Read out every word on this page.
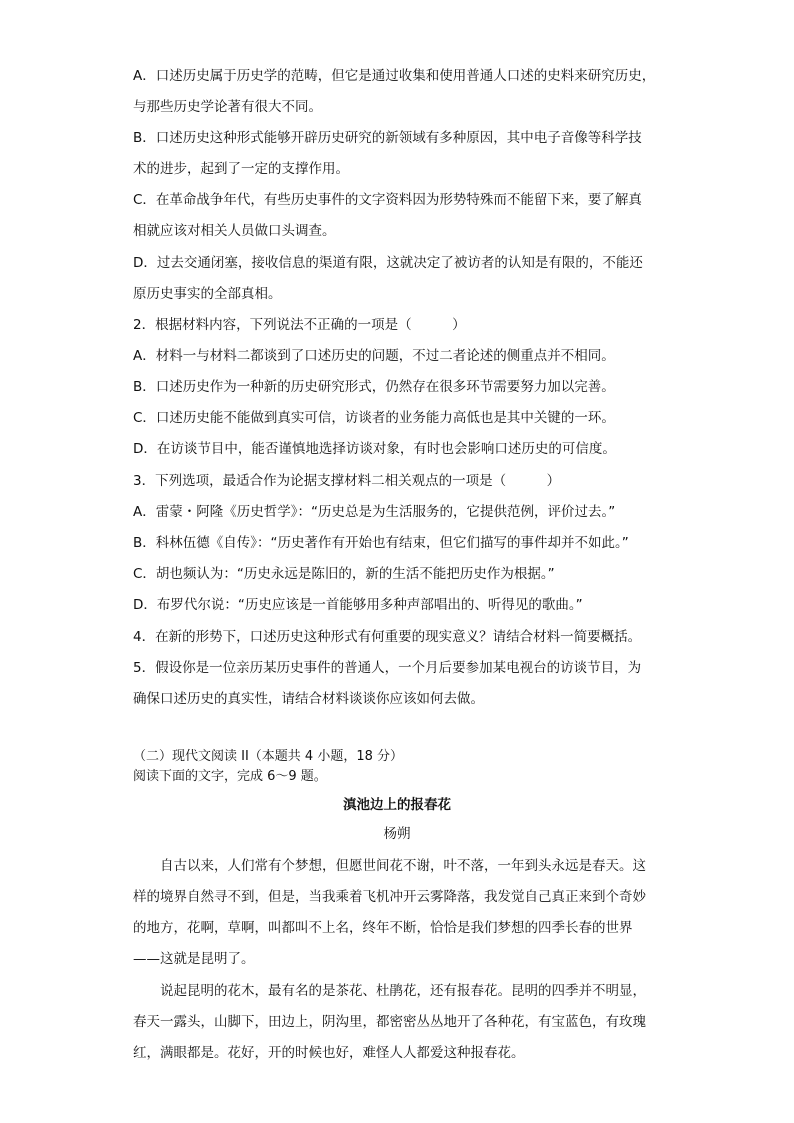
A．口述历史属于历史学的范畴，但它是通过收集和使用普通人口述的史料来研究历史，
与那些历史学论著有很大不同。
B．口述历史这种形式能够开辟历史研究的新领域有多种原因，其中电子音像等科学技
术的进步，起到了一定的支撑作用。
C．在革命战争年代，有些历史事件的文字资料因为形势特殊而不能留下来，要了解真
相就应该对相关人员做口头调查。
D．过去交通闭塞，接收信息的渠道有限，这就决定了被访者的认知是有限的，不能还
原历史事实的全部真相。
2．根据材料内容，下列说法不正确的一项是（　　　）
A．材料一与材料二都谈到了口述历史的问题，不过二者论述的侧重点并不相同。
B．口述历史作为一种新的历史研究形式，仍然存在很多环节需要努力加以完善。
C．口述历史能不能做到真实可信，访谈者的业务能力高低也是其中关键的一环。
D．在访谈节目中，能否谨慎地选择访谈对象，有时也会影响口述历史的可信度。
3．下列选项，最适合作为论据支撑材料二相关观点的一项是（　　　）
A．雷蒙・阿隆《历史哲学》：“历史总是为生活服务的，它提供范例，评价过去。”
B．科林伍德《自传》：“历史著作有开始也有结束，但它们描写的事件却并不如此。”
C．胡也频认为：“历史永远是陈旧的，新的生活不能把历史作为根据。”
D．布罗代尔说：“历史应该是一首能够用多种声部唱出的、听得见的歌曲。”
4．在新的形势下，口述历史这种形式有何重要的现实意义？请结合材料一简要概括。
5．假设你是一位亲历某历史事件的普通人，一个月后要参加某电视台的访谈节目，为
确保口述历史的真实性，请结合材料谈谈你应该如何去做。
（二）现代文阅读 II（本题共 4 小题，18 分）
阅读下面的文字，完成 6～9 题。
滇池边上的报春花
杨朔
自古以来，人们常有个梦想，但愿世间花不谢，叶不落，一年到头永远是春天。这
样的境界自然寻不到，但是，当我乘着飞机冲开云雾降落，我发觉自己真正来到个奇妙
的地方，花啊，草啊，叫都叫不上名，终年不断，恰恰是我们梦想的四季长春的世界
——这就是昆明了。
说起昆明的花木，最有名的是茶花、杜鹃花，还有报春花。昆明的四季并不明显，
春天一露头，山脚下，田边上，阴沟里，都密密丛丛地开了各种花，有宝蓝色，有玫瑰
红，满眼都是。花好，开的时候也好，难怪人人都爱这种报春花。
